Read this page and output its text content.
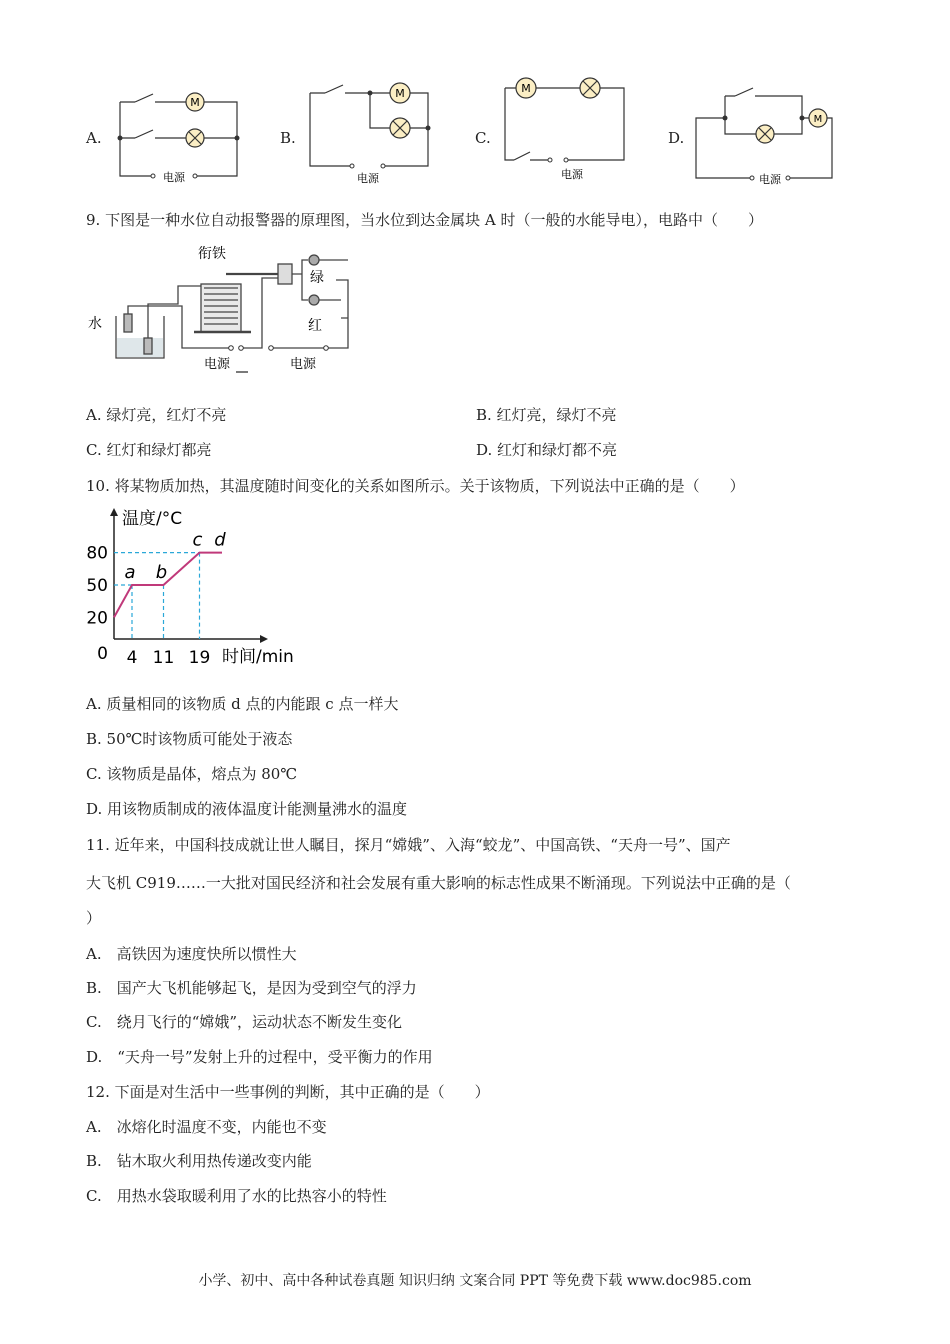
A.
M
电源
B.
M
电源
C.
M
电源
D.
M
电源
9. 下图是一种水位自动报警器的原理图，当水位到达金属块 A 时（一般的水能导电），电路中（　　）
衔铁
水
绿
红
电源	电源
A. 绿灯亮，红灯不亮	B. 红灯亮，绿灯不亮
C. 红灯和绿灯都亮	D. 红灯和绿灯都不亮
10. 将某物质加热，其温度随时间变化的关系如图所示。关于该物质，下列说法中正确的是（　　）
20
50
80
0 4 11 19
a b
c d
温度/°C
时间/min
A. 质量相同的该物质 d 点的内能跟 c 点一样大
B. 50℃时该物质可能处于液态
C. 该物质是晶体，熔点为 80℃
D. 用该物质制成的液体温度计能测量沸水的温度
11. 近年来，中国科技成就让世人瞩目，探月“嫦娥”、入海“蛟龙”、中国高铁、“天舟一号”、国产
大飞机 C919……一大批对国民经济和社会发展有重大影响的标志性成果不断涌现。下列说法中正确的是（
）
A.　高铁因为速度快所以惯性大
B.　国产大飞机能够起飞，是因为受到空气的浮力
C.　绕月飞行的“嫦娥”，运动状态不断发生变化
D.　“天舟一号”发射上升的过程中，受平衡力的作用
12. 下面是对生活中一些事例的判断，其中正确的是（　　）
A.　冰熔化时温度不变，内能也不变
B.　钻木取火利用热传递改变内能
C.　用热水袋取暖利用了水的比热容小的特性
小学、初中、高中各种试卷真题 知识归纳 文案合同 PPT 等免费下载 www.doc985.com
